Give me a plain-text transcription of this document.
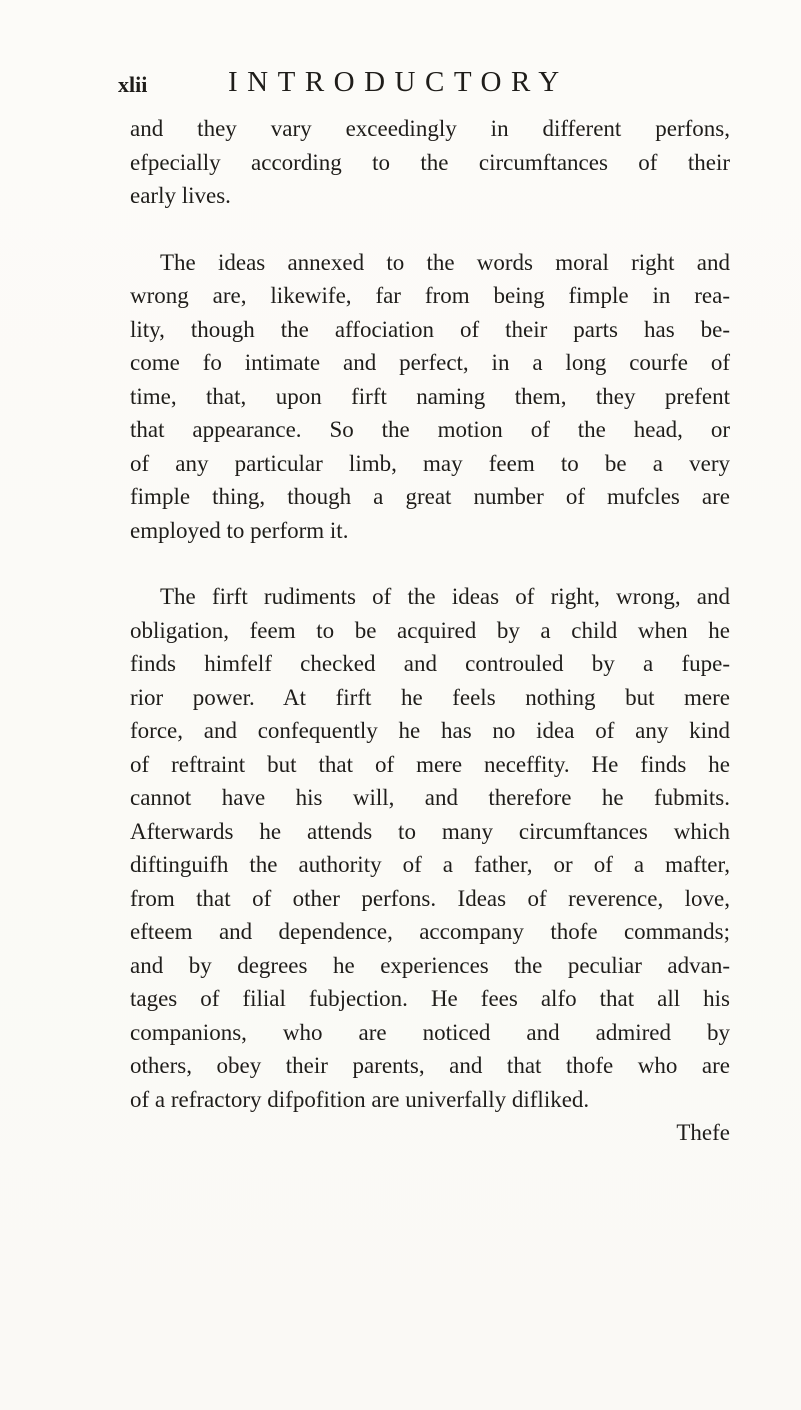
xlii	INTRODUCTORY
and they vary exceedingly in different perfons,
efpecially according to the circumftances of their
early lives.
The ideas annexed to the words moral right and
wrong are, likewife, far from being fimple in rea-
lity, though the affociation of their parts has be-
come fo intimate and perfect, in a long courfe of
time, that, upon firft naming them, they prefent
that appearance. So the motion of the head, or
of any particular limb, may feem to be a very
fimple thing, though a great number of mufcles are
employed to perform it.
The firft rudiments of the ideas of right, wrong, and
obligation, feem to be acquired by a child when he
finds himfelf checked and controuled by a fupe-
rior power. At firft he feels nothing but mere
force, and confequently he has no idea of any kind
of reftraint but that of mere neceffity. He finds he
cannot have his will, and therefore he fubmits.
Afterwards he attends to many circumftances which
diftinguifh the authority of a father, or of a mafter,
from that of other perfons. Ideas of reverence, love,
efteem and dependence, accompany thofe commands;
and by degrees he experiences the peculiar advan-
tages of filial fubjection. He fees alfo that all his
companions, who are noticed and admired by
others, obey their parents, and that thofe who are
of a refractory difpofition are univerfally difliked.
Thefe
